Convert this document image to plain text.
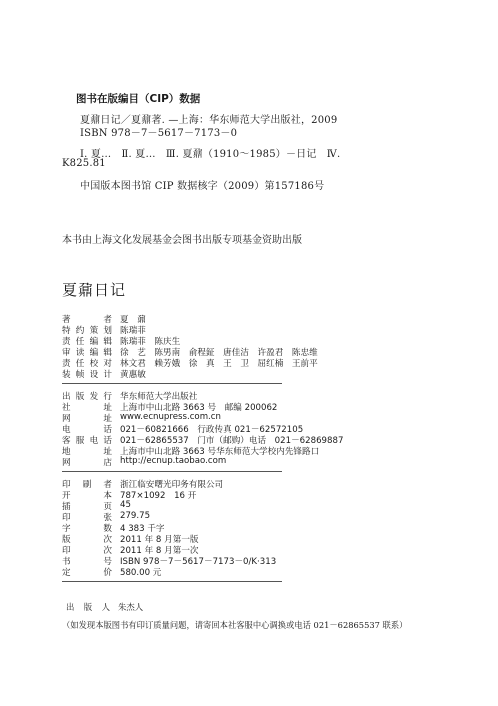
图书在版编目（CIP）数据
夏鼐日记／夏鼐著. —上海：华东师范大学出版社，2009
ISBN 978－7－5617－7173－0
Ⅰ. 夏…　Ⅱ. 夏…　Ⅲ. 夏鼐（1910～1985）－日记　Ⅳ.
K825.81
中国版本图书馆 CIP 数据核字（2009）第157186号
本书由上海文化发展基金会图书出版专项基金资助出版
夏鼐日记
著者 夏　鼐
特约策划 陈瑞菲
责任编辑 陈瑞菲　陈庆生
审读编辑 徐　艺　陈男南　俞程鉦　唐佳洁　许盈君　陈忠维
责任校对 林文君　赖芳娥　徐　真　王　卫　屈红楠　王前平
装帧设计 黄惠敏
出版发行 华东师范大学出版社
社址 上海市中山北路 3663 号　邮编 200062
网址 www.ecnupress.com.cn
电话 021－60821666　行政传真 021－62572105
客服电话 021－62865537　门市（邮购）电话　021－62869887
地址 上海市中山北路 3663 号华东师范大学校内先锋路口
网店 http://ecnup.taobao.com
印刷者 浙江临安曙光印务有限公司
开本 787×1092　16 开
插页 45
印张 279.75
字数 4 383 千字
版次 2011 年 8 月第一版
印次 2011 年 8 月第一次
书号 ISBN 978－7－5617－7173－0/K·313
定价 580.00 元
出版人 朱杰人
（如发现本版图书有印订质量问题，请寄回本社客服中心调换或电话 021－62865537 联系）
